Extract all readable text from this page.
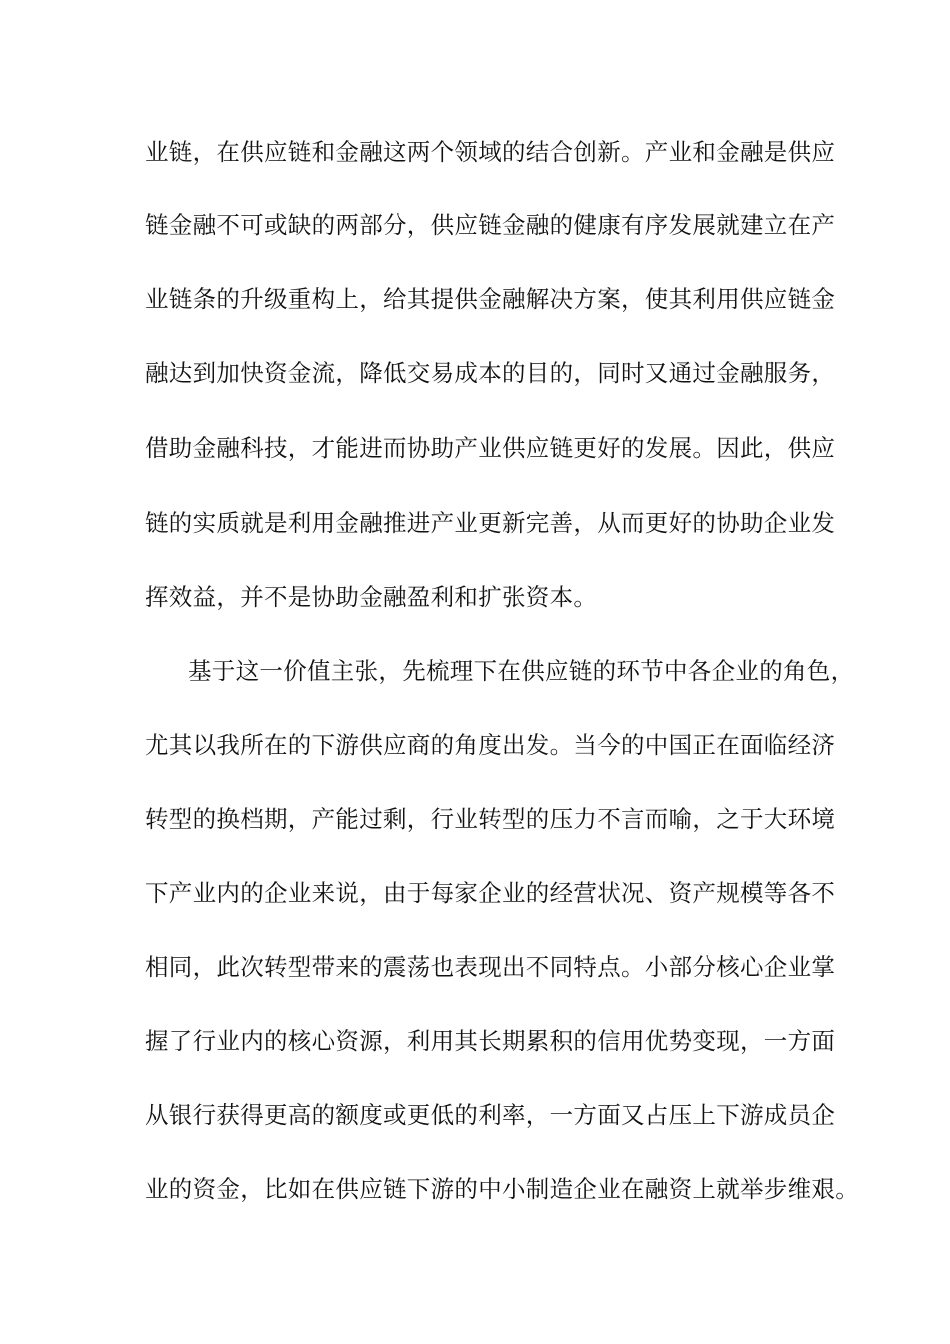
业链，在供应链和金融这两个领域的结合创新。产业和金融是供应
链金融不可或缺的两部分，供应链金融的健康有序发展就建立在产
业链条的升级重构上，给其提供金融解决方案，使其利用供应链金
融达到加快资金流，降低交易成本的目的，同时又通过金融服务，
借助金融科技，才能进而协助产业供应链更好的发展。因此，供应
链的实质就是利用金融推进产业更新完善，从而更好的协助企业发
挥效益，并不是协助金融盈利和扩张资本。
基于这一价值主张，先梳理下在供应链的环节中各企业的角色，
尤其以我所在的下游供应商的角度出发。当今的中国正在面临经济
转型的换档期，产能过剩，行业转型的压力不言而喻，之于大环境
下产业内的企业来说，由于每家企业的经营状况、资产规模等各不
相同，此次转型带来的震荡也表现出不同特点。小部分核心企业掌
握了行业内的核心资源，利用其长期累积的信用优势变现，一方面
从银行获得更高的额度或更低的利率，一方面又占压上下游成员企
业的资金，比如在供应链下游的中小制造企业在融资上就举步维艰。
